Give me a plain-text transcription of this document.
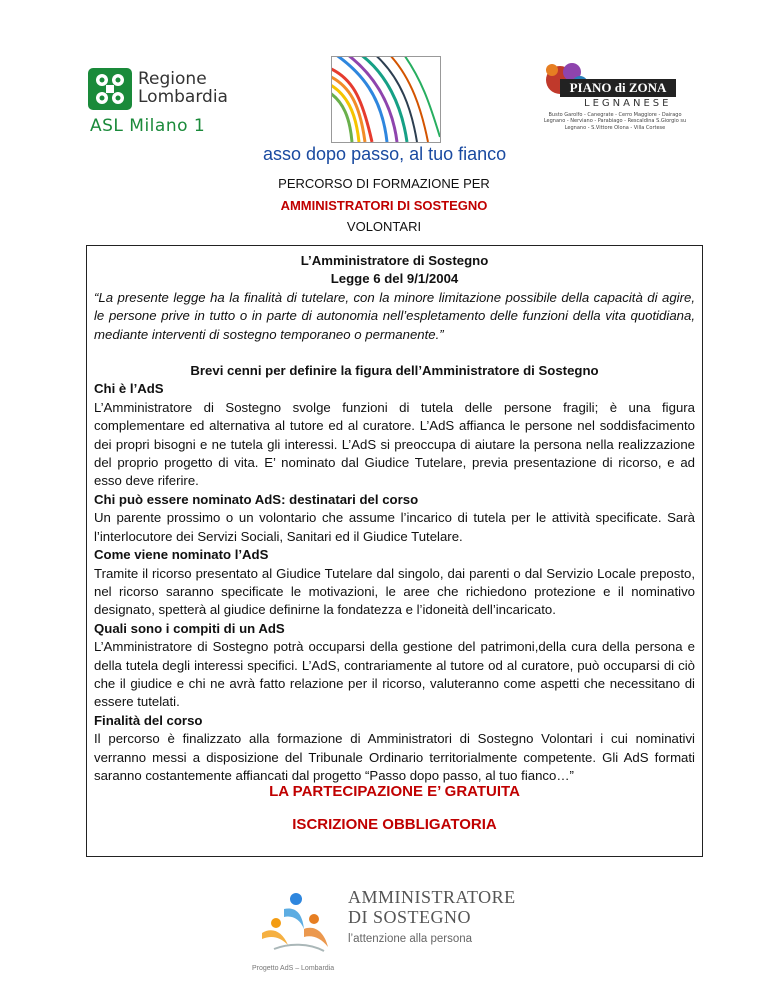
Regione
Lombardia
ASL Milano 1
PIANO di ZONA
LEGNANESE
Busto Garolfo - Canegrate - Cerro Maggiore - Dairago Legnano - Nerviano - Parabiago - Rescaldina S.Giorgio su Legnano - S.Vittore Olona - Villa Cortese
asso dopo passo, al tuo fianco
PERCORSO DI FORMAZIONE PER
AMMINISTRATORI DI SOSTEGNO
VOLONTARI
L’Amministratore di Sostegno
Legge 6 del 9/1/2004
“La presente legge ha la finalità di tutelare, con la minore limitazione possibile della capacità di agire, le persone prive in tutto o in parte di autonomia nell’espletamento delle funzioni della vita quotidiana, mediante interventi di sostegno temporaneo o permanente.”
Brevi cenni per definire la figura dell’Amministratore di Sostegno
Chi è l’AdS
L’Amministratore di Sostegno svolge funzioni di tutela delle persone fragili; è una figura complementare ed alternativa al tutore ed al curatore. L’AdS affianca le persone nel soddisfacimento dei propri bisogni e ne tutela gli interessi. L’AdS si preoccupa di aiutare la persona nella realizzazione del proprio progetto di vita. E’ nominato dal Giudice Tutelare, previa presentazione di ricorso, e ad esso deve riferire.
Chi può essere nominato AdS: destinatari del corso
Un parente prossimo o un volontario che assume l’incarico di tutela per le attività specificate. Sarà l’interlocutore dei Servizi Sociali, Sanitari ed il Giudice Tutelare.
Come viene nominato l’AdS
Tramite il ricorso presentato al Giudice Tutelare dal singolo, dai parenti o dal Servizio Locale preposto, nel ricorso saranno specificate le motivazioni, le aree che richiedono protezione e il nominativo designato, spetterà al giudice definirne la fondatezza e l’idoneità dell’incaricato.
Quali sono i compiti di un AdS
L’Amministratore di Sostegno potrà occuparsi della gestione del patrimoni,della cura della persona e della tutela degli interessi specifici. L’AdS, contrariamente al tutore od al curatore, può occuparsi di ciò che il giudice e chi ne avrà fatto relazione per il ricorso, valuteranno come aspetti che necessitano di essere tutelati.
Finalità del corso
Il percorso è finalizzato alla formazione di Amministratori di Sostegno Volontari i cui nominativi verranno messi a disposizione del Tribunale Ordinario territorialmente competente. Gli AdS formati saranno costantemente affiancati dal progetto “Passo dopo passo, al tuo fianco…”
LA PARTECIPAZIONE E’ GRATUITA
ISCRIZIONE OBBLIGATORIA
AMMINISTRATORE
DI SOSTEGNO
l’attenzione alla persona
Progetto AdS – Lombardia
